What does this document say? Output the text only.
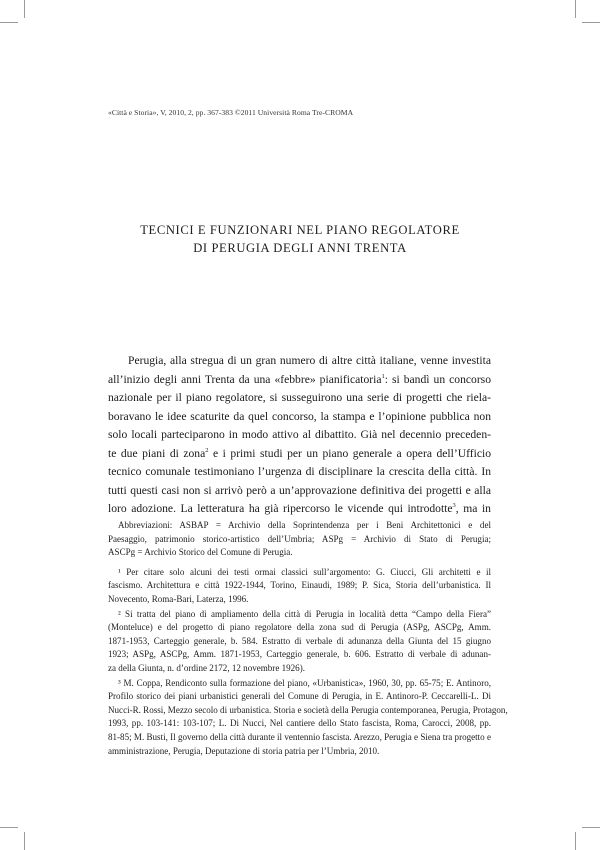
«Città e Storia», V, 2010, 2, pp. 367-383 ©2011 Università Roma Tre-CROMA
TECNICI E FUNZIONARI NEL PIANO REGOLATORE
DI PERUGIA DEGLI ANNI TRENTA
Perugia, alla stregua di un gran numero di altre città italiane, venne investita
all’inizio degli anni Trenta da una «febbre» pianificatoria$^1$: si bandì un concorso
nazionale per il piano regolatore, si susseguirono una serie di progetti che riela-
boravano le idee scaturite da quel concorso, la stampa e l’opinione pubblica non
solo locali parteciparono in modo attivo al dibattito. Già nel decennio preceden-
te due piani di zona$^2$ e i primi studi per un piano generale a opera dell’Ufficio
tecnico comunale testimoniano l’urgenza di disciplinare la crescita della città. In
tutti questi casi non si arrivò però a un’approvazione definitiva dei progetti e alla
loro adozione. La letteratura ha già ripercorso le vicende qui introdotte$^3$, ma in
Abbreviazioni: ASBAP = Archivio della Soprintendenza per i Beni Architettonici e del
Paesaggio, patrimonio storico-artistico dell’Umbria; ASPg = Archivio di Stato di Perugia;
ASCPg = Archivio Storico del Comune di Perugia.
¹ Per citare solo alcuni dei testi ormai classici sull’argomento: G. Ciucci, Gli architetti e il
fascismo. Architettura e città 1922-1944, Torino, Einaudi, 1989; P. Sica, Storia dell’urbanistica. Il
Novecento, Roma-Bari, Laterza, 1996.
² Si tratta del piano di ampliamento della città di Perugia in località detta “Campo della Fiera”
(Monteluce) e del progetto di piano regolatore della zona sud di Perugia (ASPg, ASCPg, Amm.
1871-1953, Carteggio generale, b. 584. Estratto di verbale di adunanza della Giunta del 15 giugno
1923; ASPg, ASCPg, Amm. 1871-1953, Carteggio generale, b. 606. Estratto di verbale di adunan-
za della Giunta, n. d’ordine 2172, 12 novembre 1926).
³ M. Coppa, Rendiconto sulla formazione del piano, «Urbanistica», 1960, 30, pp. 65-75; E. Antinoro,
Profilo storico dei piani urbanistici generali del Comune di Perugia, in E. Antinoro-P. Ceccarelli-L. Di
Nucci-R. Rossi, Mezzo secolo di urbanistica. Storia e società della Perugia contemporanea, Perugia, Protagon,
1993, pp. 103-141: 103-107; L. Di Nucci, Nel cantiere dello Stato fascista, Roma, Carocci, 2008, pp.
81-85; M. Busti, Il governo della città durante il ventennio fascista. Arezzo, Perugia e Siena tra progetto e
amministrazione, Perugia, Deputazione di storia patria per l’Umbria, 2010.
